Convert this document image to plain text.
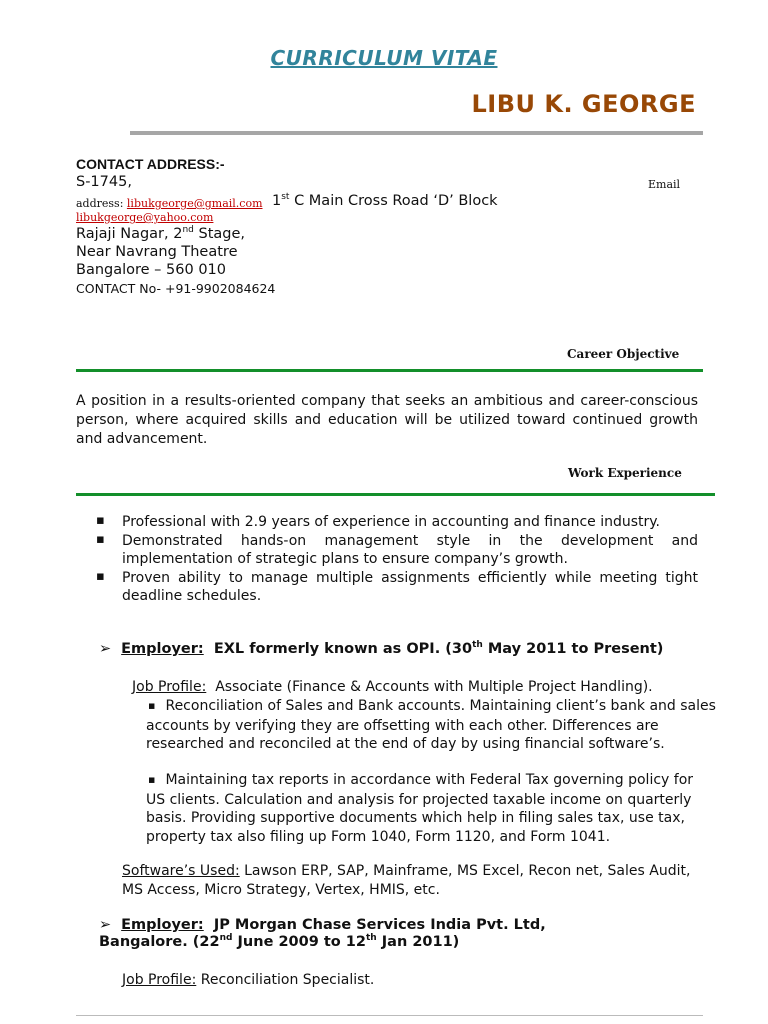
CURRICULUM VITAE
LIBU K. GEORGE
CONTACT ADDRESS:-
S-1745,	Email
address: libukgeorge@gmail.com 1st C Main Cross Road ‘D’ Block
libukgeorge@yahoo.com
Rajaji Nagar, 2nd Stage,
Near Navrang Theatre
Bangalore – 560 010
CONTACT No- +91-9902084624
Career Objective
A position in a results-oriented company that seeks an ambitious and career-conscious person, where acquired skills and education will be utilized toward continued growth and advancement.
Work Experience
▪ Professional with 2.9 years of experience in accounting and finance industry.
▪ Demonstrated hands-on management style in the development and implementation of strategic plans to ensure company’s growth.
▪ Proven ability to manage multiple assignments efficiently while meeting tight deadline schedules.
➢ Employer: EXL formerly known as OPI. (30th May 2011 to Present)
Job Profile: Associate (Finance & Accounts with Multiple Project Handling).
▪ Reconciliation of Sales and Bank accounts. Maintaining client’s bank and sales accounts by verifying they are offsetting with each other. Differences are researched and reconciled at the end of day by using financial software’s.
▪ Maintaining tax reports in accordance with Federal Tax governing policy for US clients. Calculation and analysis for projected taxable income on quarterly basis. Providing supportive documents which help in filing sales tax, use tax, property tax also filing up Form 1040, Form 1120, and Form 1041.
Software’s Used: Lawson ERP, SAP, Mainframe, MS Excel, Recon net, Sales Audit, MS Access, Micro Strategy, Vertex, HMIS, etc.
➢ Employer: JP Morgan Chase Services India Pvt. Ltd,
Bangalore. (22nd June 2009 to 12th Jan 2011)
Job Profile: Reconciliation Specialist.
